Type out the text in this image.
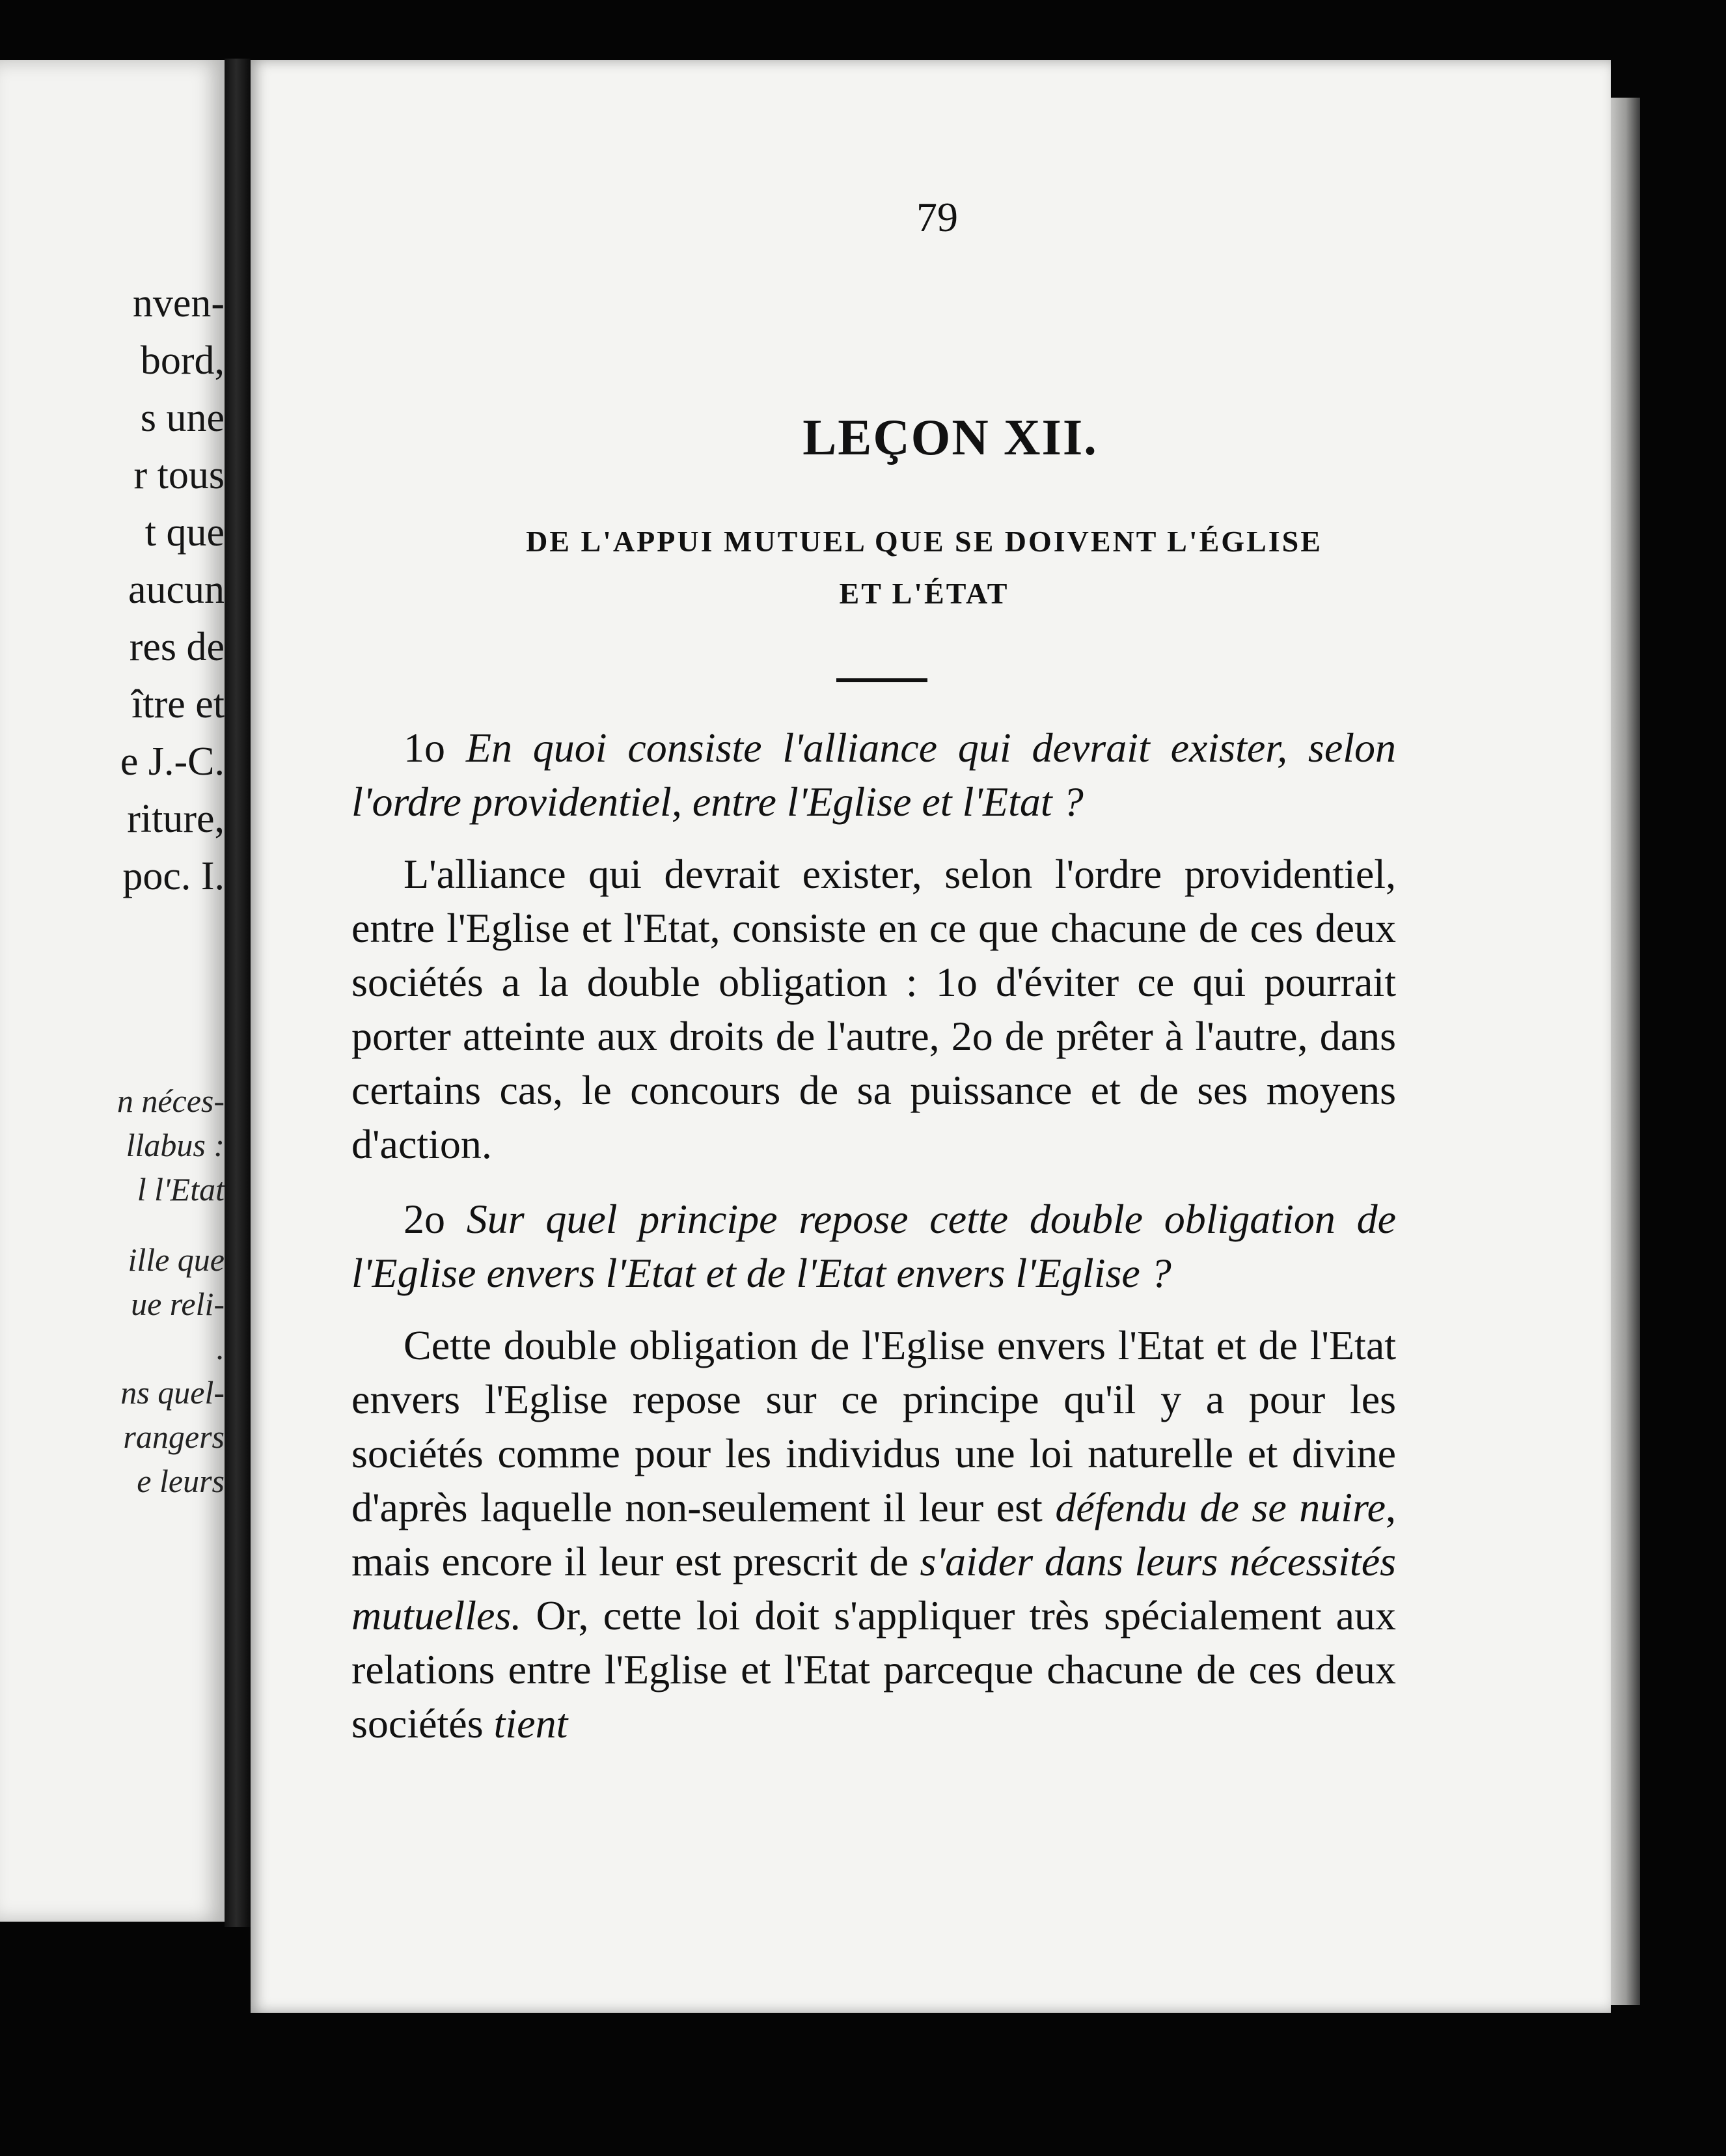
nven-
bord,
s une
r tous
t que
aucun
res de
ître et
e J.-C.
riture,
poc. I.
n néces-
llabus :
l l'Etat
ille que
ue reli-
.
ns quel-
rangers
e leurs
79
LEÇON XII.
DE L'APPUI MUTUEL QUE SE DOIVENT L'ÉGLISE
ET L'ÉTAT

1o En quoi consiste l'alliance qui devrait exister, selon l'ordre providentiel, entre l'Eglise et l'Etat ?

L'alliance qui devrait exister, selon l'ordre providentiel, entre l'Eglise et l'Etat, consiste en ce que chacune de ces deux sociétés a la double obligation : 1o d'éviter ce qui pourrait porter atteinte aux droits de l'autre, 2o de prêter à l'autre, dans certains cas, le concours de sa puissance et de ses moyens d'action.

2o Sur quel principe repose cette double obligation de l'Eglise envers l'Etat et de l'Etat envers l'Eglise ?

Cette double obligation de l'Eglise envers l'Etat et de l'Etat envers l'Eglise repose sur ce principe qu'il y a pour les sociétés comme pour les individus une loi naturelle et divine d'après laquelle non-seulement il leur est défendu de se nuire, mais encore il leur est prescrit de s'aider dans leurs nécessités mutuelles. Or, cette loi doit s'appliquer très spécialement aux relations entre l'Eglise et l'Etat parceque chacune de ces deux sociétés tient
